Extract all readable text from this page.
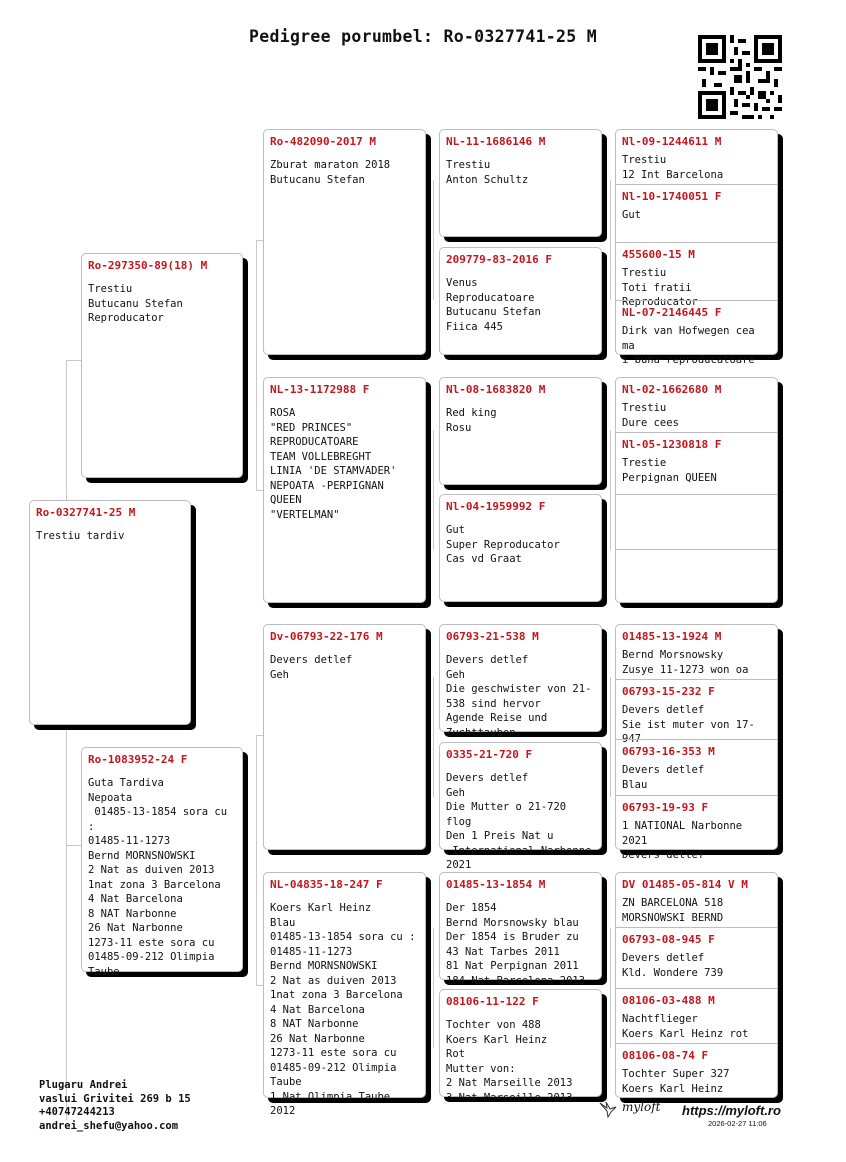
Pedigree porumbel: Ro-0327741-25 M
Ro-0327741-25 M
Trestiu tardiv
Ro-297350-89(18) M
Trestiu
Butucanu Stefan
Reproducator
Ro-1083952-24 F
Guta Tardiva
Nepoata
01485-13-1854 sora cu :
01485-11-1273
Bernd MORNSNOWSKI
2 Nat as duiven 2013
1nat zona 3 Barcelona
4 Nat Barcelona
8 NAT Narbonne
26 Nat Narbonne
1273-11 este sora cu
01485-09-212 Olimpia
Taube
Ro-482090-2017 M
Zburat maraton 2018
Butucanu Stefan
NL-13-1172988 F
ROSA
"RED PRINCES"
REPRODUCATOARE
TEAM VOLLEBREGHT
LINIA 'DE STAMVADER'
NEPOATA -PERPIGNAN QUEEN
"VERTELMAN"
Dv-06793-22-176 M
Devers detlef
Geh
NL-04835-18-247 F
Koers Karl Heinz
Blau
01485-13-1854 sora cu :
01485-11-1273
Bernd MORNSNOWSKI
2 Nat as duiven 2013
1nat zona 3 Barcelona
4 Nat Barcelona
8 NAT Narbonne
26 Nat Narbonne
1273-11 este sora cu
01485-09-212 Olimpia
Taube
1 Nat Olimpia Taube 2012
NL-11-1686146 M
Trestiu
Anton Schultz
209779-83-2016 F
Venus
Reproducatoare
Butucanu Stefan
Fiica 445
Nl-08-1683820 M
Red king
Rosu
Nl-04-1959992 F
Gut
Super Reproducator
Cas vd Graat
06793-21-538 M
Devers detlef
Geh
Die geschwister von 21-
538 sind hervor
Agende Reise und
Zuchttauben
0335-21-720 F
Devers detlef
Geh
Die Mutter o 21-720 flog
Den 1 Preis Nat u
International Narbonne
2021
01485-13-1854 M
Der 1854
Bernd Morsnowsky blau
Der 1854 is Bruder zu
43 Nat Tarbes 2011
81 Nat Perpignan 2011
184 Nat Barcelona 2013
08106-11-122 F
Tochter von 488
Koers Karl Heinz
Rot
Mutter von:
2 Nat Marseille 2013
3 Nat Marseille 2013
Nl-09-1244611 M
Trestiu
12 Int Barcelona
Nl-10-1740051 F
Gut
455600-15 M
Trestiu
Toti fratii Reproducator
NL-07-2146445 F
Dirk van Hofwegen cea ma
i buna reproducatoare
Nl-02-1662680 M
Trestiu
Dure cees
Nl-05-1230818 F
Trestie
Perpignan QUEEN
01485-13-1924 M
Bernd Morsnowsky
Zusye 11-1273 won oa
06793-15-232 F
Devers detlef
Sie ist muter von 17-947
06793-16-353 M
Devers detlef
Blau
06793-19-93 F
1 NATIONAL Narbonne 2021
Devers detlef
DV 01485-05-814 V M
ZN BARCELONA 518
MORSNOWSKI BERND
06793-08-945 F
Devers detlef
Kld. Wondere 739
08106-03-488 M
Nachtflieger
Koers Karl Heinz rot
08106-08-74 F
Tochter Super 327
Koers Karl Heinz
Plugaru Andrei
vaslui Grivitei 269 b 15
+40747244213
andrei_shefu@yahoo.com
myloft https://myloft.ro
2026-02-27 11:06
